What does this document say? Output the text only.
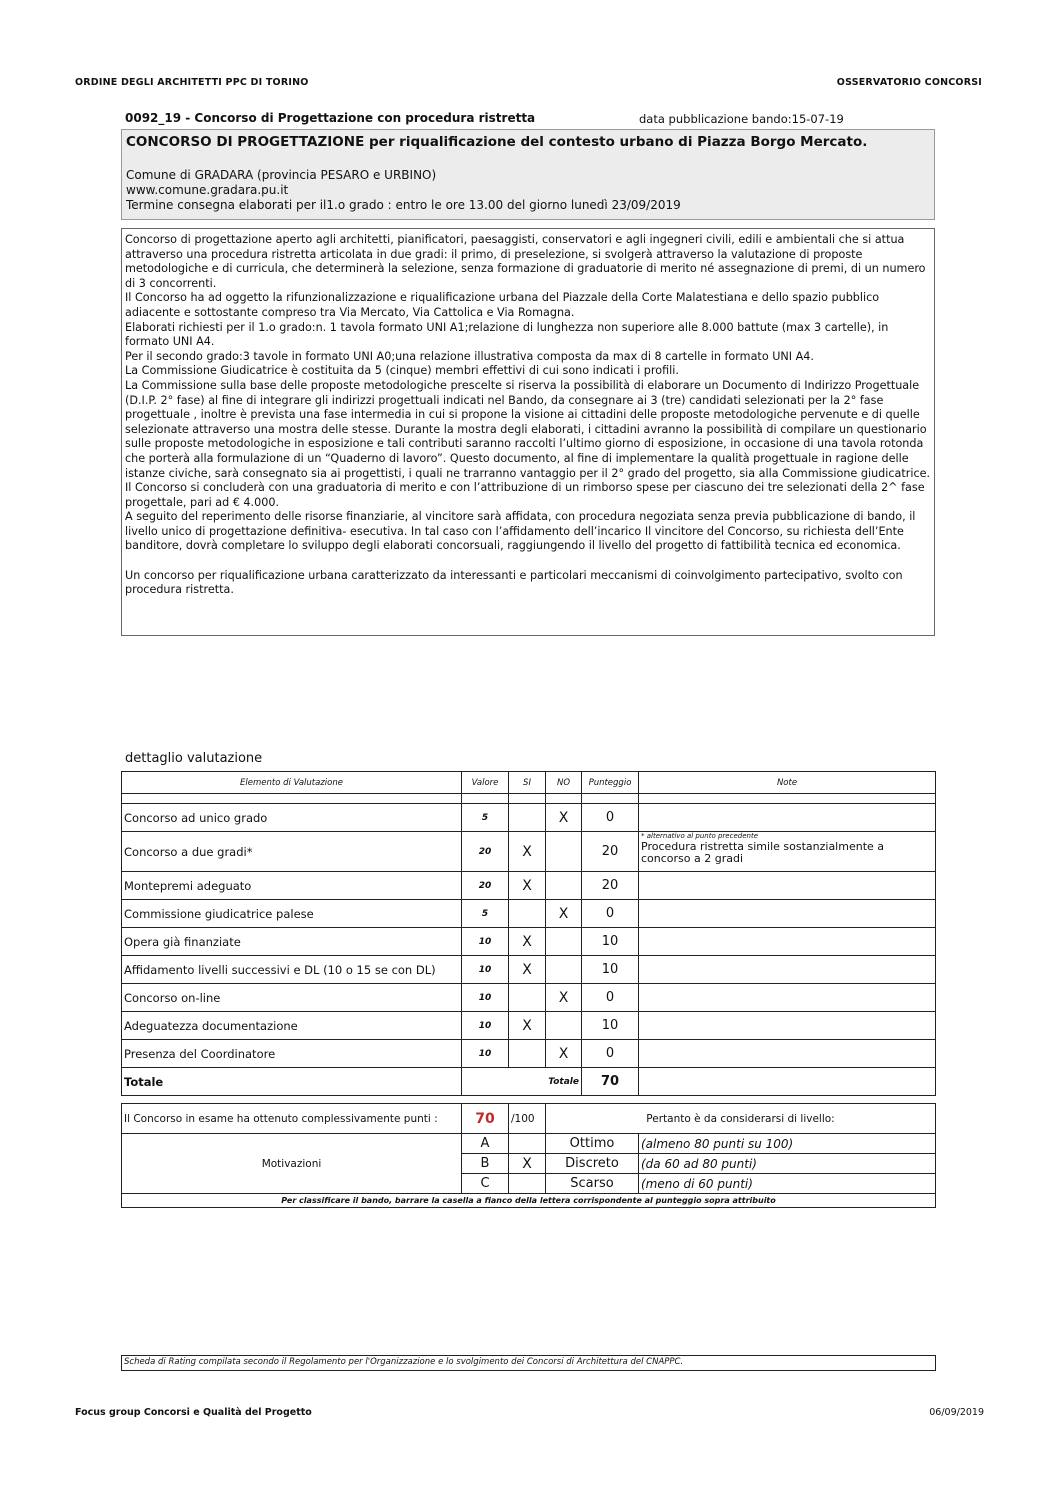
ORDINE DEGLI ARCHITETTI PPC DI TORINO	OSSERVATORIO CONCORSI
0092_19 - Concorso di Progettazione con procedura ristretta	data pubblicazione bando:15-07-19
CONCORSO DI PROGETTAZIONE per riqualificazione del contesto urbano di Piazza Borgo Mercato.
Comune di GRADARA (provincia PESARO e URBINO)
www.comune.gradara.pu.it
Termine consegna elaborati per il1.o grado : entro le ore 13.00 del giorno lunedì 23/09/2019

Concorso di progettazione aperto agli architetti, pianificatori, paesaggisti, conservatori e agli ingegneri civili, edili e ambientali che si attua attraverso una procedura ristretta articolata in due gradi: il primo, di preselezione, si svolgerà attraverso la valutazione di proposte metodologiche e di curricula, che determinerà la selezione, senza formazione di graduatorie di merito né assegnazione di premi, di un numero di 3 concorrenti.

Il Concorso ha ad oggetto la rifunzionalizzazione e riqualificazione urbana del Piazzale della Corte Malatestiana e dello spazio pubblico adiacente e sottostante compreso tra Via Mercato, Via Cattolica e Via Romagna.

Elaborati richiesti per il 1.o grado:n. 1 tavola formato UNI A1;relazione di lunghezza non superiore alle 8.000 battute (max 3 cartelle), in formato UNI A4.

Per il secondo grado:3 tavole in formato UNI A0;una relazione illustrativa composta da max di 8 cartelle in formato UNI A4.

La Commissione Giudicatrice è costituita da 5 (cinque) membri effettivi di cui sono indicati i profili.

La Commissione sulla base delle proposte metodologiche prescelte si riserva la possibilità di elaborare un Documento di Indirizzo Progettuale (D.I.P. 2° fase) al fine di integrare gli indirizzi progettuali indicati nel Bando, da consegnare ai 3 (tre) candidati selezionati per la 2° fase progettuale , inoltre è prevista una fase intermedia in cui si propone la visione ai cittadini delle proposte metodologiche pervenute e di quelle selezionate attraverso una mostra delle stesse. Durante la mostra degli elaborati, i cittadini avranno la possibilità di compilare un questionario sulle proposte metodologiche in esposizione e tali contributi saranno raccolti l’ultimo giorno di esposizione, in occasione di una tavola rotonda che porterà alla formulazione di un “Quaderno di lavoro”. Questo documento, al fine di implementare la qualità progettuale in ragione delle istanze civiche, sarà consegnato sia ai progettisti, i quali ne trarranno vantaggio per il 2° grado del progetto, sia alla Commissione giudicatrice.

Il Concorso si concluderà con una graduatoria di merito e con l’attribuzione di un rimborso spese per ciascuno dei tre selezionati della 2^ fase progettale, pari ad € 4.000.

A seguito del reperimento delle risorse finanziarie, al vincitore sarà affidata, con procedura negoziata senza previa pubblicazione di bando, il livello unico di progettazione definitiva- esecutiva. In tal caso con l’affidamento dell’incarico Il vincitore del Concorso, su richiesta dell’Ente banditore, dovrà completare lo sviluppo degli elaborati concorsuali, raggiungendo il livello del progetto di fattibilità tecnica ed economica.

Un concorso per riqualificazione urbana caratterizzato da interessanti e particolari meccanismi di coinvolgimento partecipativo, svolto con procedura ristretta.

dettaglio valutazione
Elemento di Valutazione	Valore	SI	NO	Punteggio	Note

Concorso ad unico grado	5		X	0	
Concorso a due gradi*	20	X		20	* alternativo al punto precedente
Procedura ristretta simile sostanzialmente a concorso a 2 gradi
Montepremi adeguato	20	X		20	
Commissione giudicatrice palese	5		X	0	
Opera già finanziate	10	X		10	
Affidamento livelli successivi e DL (10 o 15 se con DL)	10	X		10	
Concorso on-line	10		X	0	
Adeguatezza documentazione	10	X		10	
Presenza del Coordinatore	10		X	0	
Totale	Totale			70	
Il Concorso in esame ha ottenuto complessivamente punti :	70	/100	Pertanto è da considerarsi di livello:	
Motivazioni	A		Ottimo	(almeno 80 punti su 100)
	B	X	Discreto	(da 60 ad 80 punti)
	C		Scarso	(meno di 60 punti)
Per classificare il bando, barrare la casella a fianco della lettera corrispondente al punteggio sopra attribuito				
Scheda di Rating compilata secondo il Regolamento per l'Organizzazione e lo svolgimento dei Concorsi di Architettura del CNAPPC.
Focus group Concorsi e Qualità del Progetto	06/09/2019
